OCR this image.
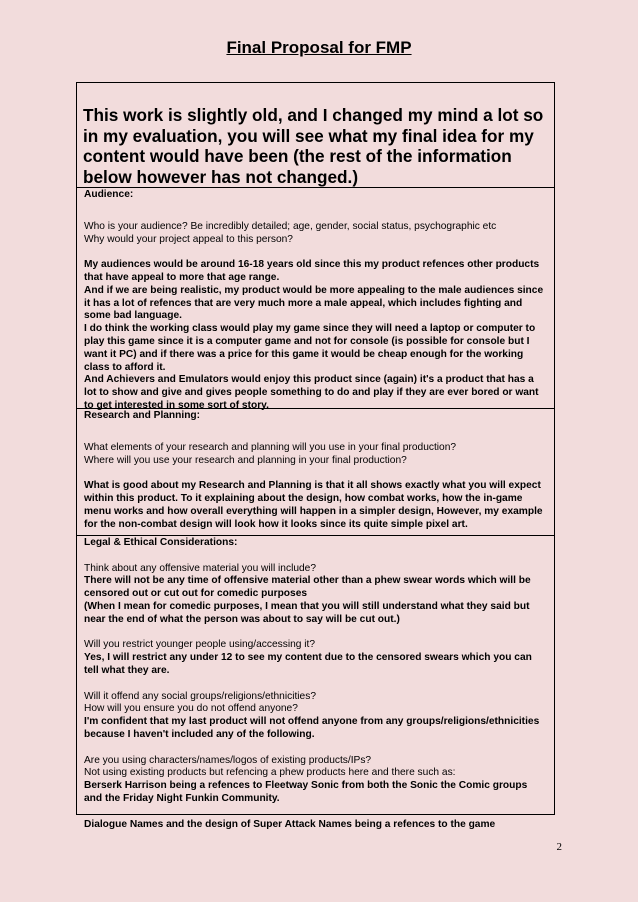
Final Proposal for FMP
This work is slightly old, and I changed my mind a lot so in my evaluation, you will see what my final idea for my content would have been (the rest of the information below however has not changed.)

Audience:

Who is your audience? Be incredibly detailed; age, gender, social status, psychographic etc

Why would your project appeal to this person?

My audiences would be around 16-18 years old since this my product refences other products that have appeal to more that age range.

And if we are being realistic, my product would be more appealing to the male audiences since it has a lot of refences that are very much more a male appeal, which includes fighting and some bad language.

I do think the working class would play my game since they will need a laptop or computer to play this game since it is a computer game and not for console (is possible for console but I want it PC) and if there was a price for this game it would be cheap enough for the working class to afford it.

And Achievers and Emulators would enjoy this product since (again) it's a product that has a lot to show and give and gives people something to do and play if they are ever bored or want to get interested in some sort of story.

Research and Planning:

What elements of your research and planning will you use in your final production?

Where will you use your research and planning in your final production?

What is good about my Research and Planning is that it all shows exactly what you will expect within this product. To it explaining about the design, how combat works, how the in-game menu works and how overall everything will happen in a simpler design, However, my example for the non-combat design will look how it looks since its quite simple pixel art.

Legal & Ethical Considerations:

Think about any offensive material you will include?

There will not be any time of offensive material other than a phew swear words which will be censored out or cut out for comedic purposes

(When I mean for comedic purposes, I mean that you will still understand what they said but near the end of what the person was about to say will be cut out.)

Will you restrict younger people using/accessing it?

Yes, I will restrict any under 12 to see my content due to the censored swears which you can tell what they are.

Will it offend any social groups/religions/ethnicities?

How will you ensure you do not offend anyone?

I'm confident that my last product will not offend anyone from any groups/religions/ethnicities because I haven't included any of the following.

Are you using characters/names/logos of existing products/IPs?

Not using existing products but refencing a phew products here and there such as:

Berserk Harrison being a refences to Fleetway Sonic from both the Sonic the Comic groups and the Friday Night Funkin Community.

Dialogue Names and the design of Super Attack Names being a refences to the game

2
